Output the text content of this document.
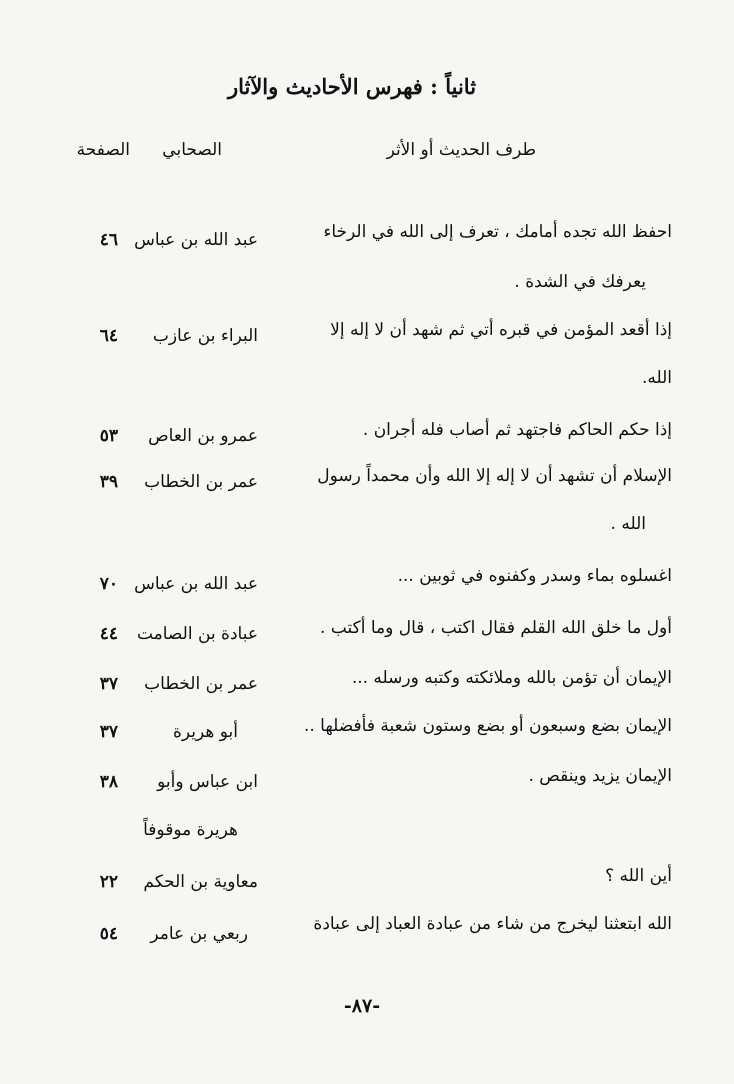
ثانياً : فهرس الأحاديث والآثار
طرف الحديث أو الأثر
الصحابي
الصفحة
احفظ الله تجده أمامك ، تعرف إلى الله في الرخاء
عبد الله بن عباس
٤٦
يعرفك في الشدة .
إذا أقعد المؤمن في قبره أتي ثم شهد أن لا إله إلا
البراء بن عازب
٦٤
الله.
إذا حكم الحاكم فاجتهد ثم أصاب فله أجران .
عمرو بن العاص
٥٣
الإسلام أن تشهد أن لا إله إلا الله وأن محمداً رسول
عمر بن الخطاب
٣٩
الله .
اغسلوه بماء وسدر وكفنوه في ثوبين ...
عبد الله بن عباس
٧٠
أول ما خلق الله القلم فقال اكتب ، قال وما أكتب .
عبادة بن الصامت
٤٤
الإيمان أن تؤمن بالله وملائكته وكتبه ورسله ...
عمر بن الخطاب
٣٧
الإيمان بضع وسبعون أو بضع وستون شعبة فأفضلها ..
أبو هريرة
٣٧
الإيمان يزيد وينقص .
ابن عباس وأبو
٣٨
هريرة موقوفاً
أين الله ؟
معاوية بن الحكم
٢٢
الله ابتعثنا ليخرج من شاء من عبادة العباد إلى عبادة
ربعي بن عامر
٥٤
-٨٧-
